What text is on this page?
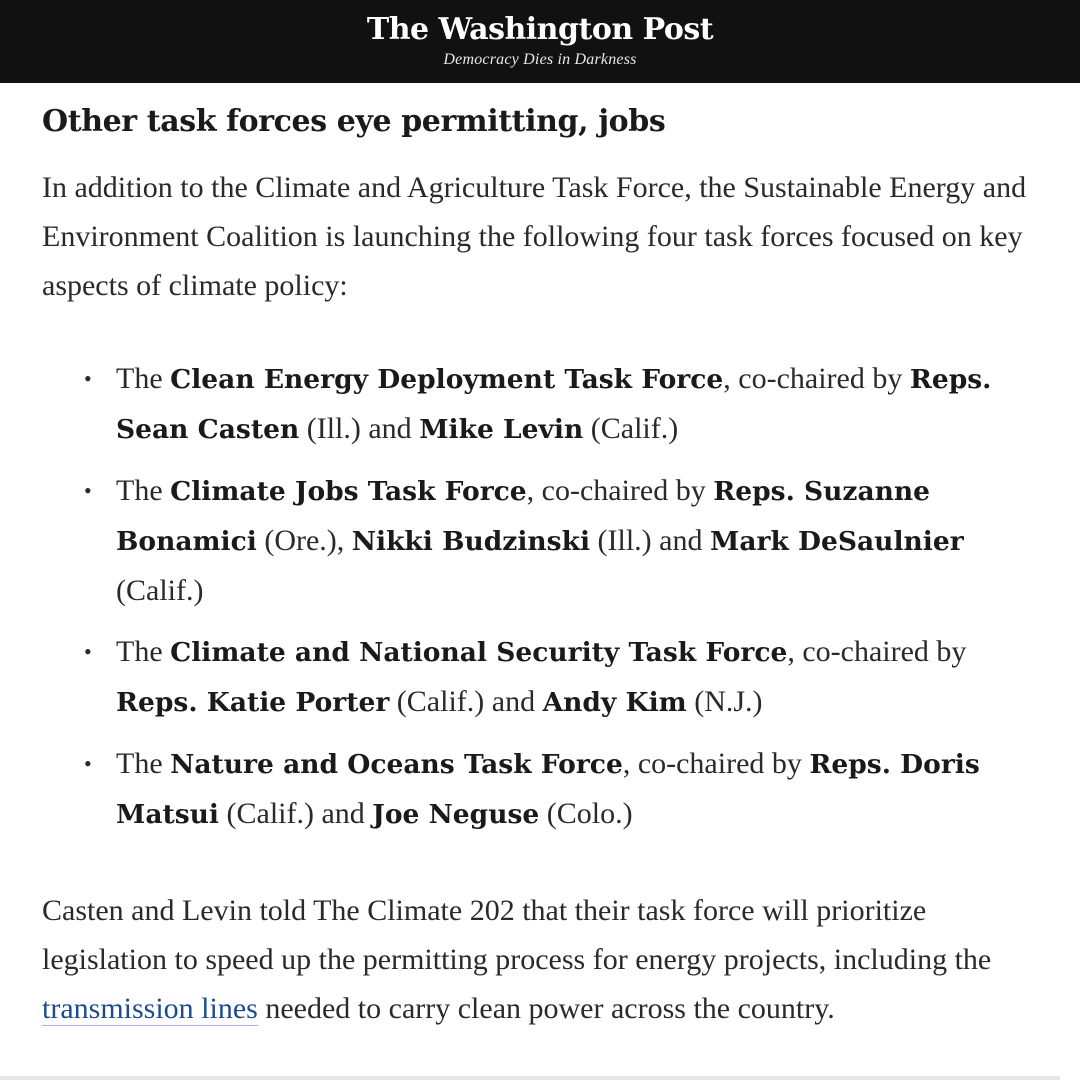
The Washington Post
Democracy Dies in Darkness
Other task forces eye permitting, jobs

In addition to the Climate and Agriculture Task Force, the Sustainable Energy and Environment Coalition is launching the following four task forces focused on key aspects of climate policy:

• The Clean Energy Deployment Task Force, co-chaired by Reps. Sean Casten (Ill.) and Mike Levin (Calif.)
• The Climate Jobs Task Force, co-chaired by Reps. Suzanne Bonamici (Ore.), Nikki Budzinski (Ill.) and Mark DeSaulnier (Calif.)
• The Climate and National Security Task Force, co-chaired by Reps. Katie Porter (Calif.) and Andy Kim (N.J.)
• The Nature and Oceans Task Force, co-chaired by Reps. Doris Matsui (Calif.) and Joe Neguse (Colo.)

Casten and Levin told The Climate 202 that their task force will prioritize legislation to speed up the permitting process for energy projects, including the transmission lines needed to carry clean power across the country.
